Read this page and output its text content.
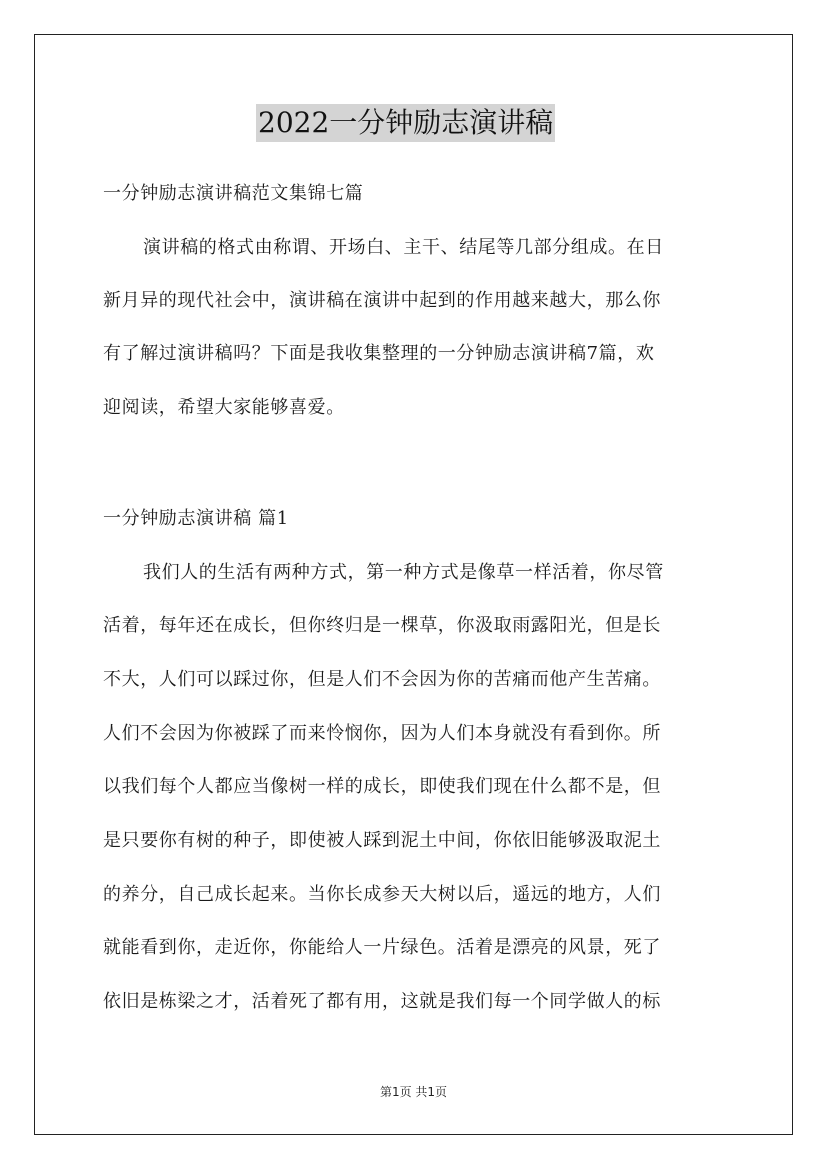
2022一分钟励志演讲稿
一分钟励志演讲稿范文集锦七篇
演讲稿的格式由称谓、开场白、主干、结尾等几部分组成。在日
新月异的现代社会中，演讲稿在演讲中起到的作用越来越大，那么你
有了解过演讲稿吗？下面是我收集整理的一分钟励志演讲稿7篇，欢
迎阅读，希望大家能够喜爱。
一分钟励志演讲稿 篇1
我们人的生活有两种方式，第一种方式是像草一样活着，你尽管
活着，每年还在成长，但你终归是一棵草，你汲取雨露阳光，但是长
不大，人们可以踩过你，但是人们不会因为你的苦痛而他产生苦痛。
人们不会因为你被踩了而来怜悯你，因为人们本身就没有看到你。所
以我们每个人都应当像树一样的成长，即使我们现在什么都不是，但
是只要你有树的种子，即使被人踩到泥土中间，你依旧能够汲取泥土
的养分，自己成长起来。当你长成参天大树以后，遥远的地方，人们
就能看到你，走近你，你能给人一片绿色。活着是漂亮的风景，死了
依旧是栋梁之才，活着死了都有用，这就是我们每一个同学做人的标
第1页 共1页
